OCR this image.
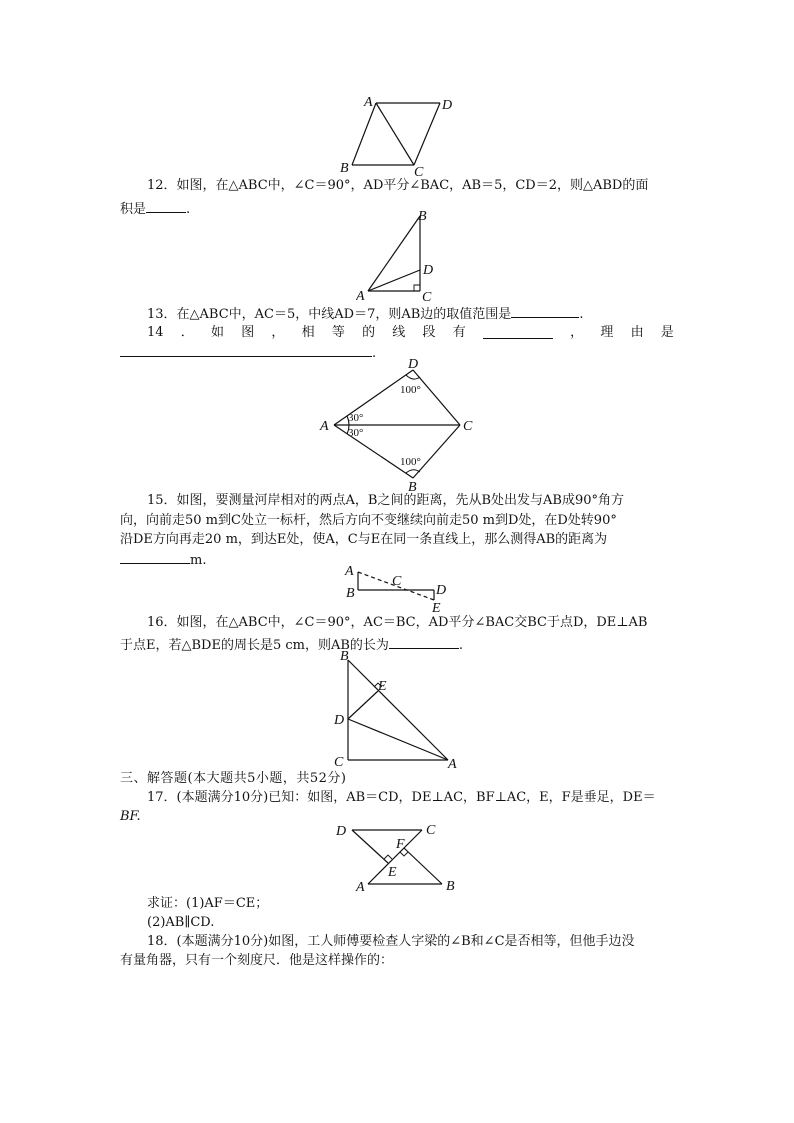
A	D
B	C

12．如图，在△ABC中，∠C＝90°，AD平分∠BAC，AB＝5，CD＝2，则△ABD的面

积是	.	B
D
A	C

13．在△ABC中，AC＝5，中线AD＝7，则AB边的取值范围是	.

14 ． 如 图 ， 相 等 的 线 段 有	， 理 由 是

.

D
A	C
B
100°
30°
30°
100°

15．如图，要测量河岸相对的两点A，B之间的距离，先从B处出发与AB成90°角方

向，向前走50 m到C处立一标杆，然后方向不变继续向前走50 m到D处，在D处转90°

沿DE方向再走20 m，到达E处，使A，C与E在同一条直线上，那么测得AB的距离为

m.

A
C
B	D
E

16．如图，在△ABC中，∠C＝90°，AC＝BC，AD平分∠BAC交BC于点D，DE⊥AB

于点E，若△BDE的周长是5 cm，则AB的长为	.

B
E
D
C	A

三、解答题(本大题共5小题，共52分)

17．(本题满分10分)已知：如图，AB＝CD，DE⊥AC，BF⊥AC，E，F是垂足，DE＝

BF.

D	C
F
E
A	B

求证：(1)AF＝CE；

(2)AB∥CD.

18．(本题满分10分)如图，工人师傅要检查人字梁的∠B和∠C是否相等，但他手边没

有量角器，只有一个刻度尺．他是这样操作的：
